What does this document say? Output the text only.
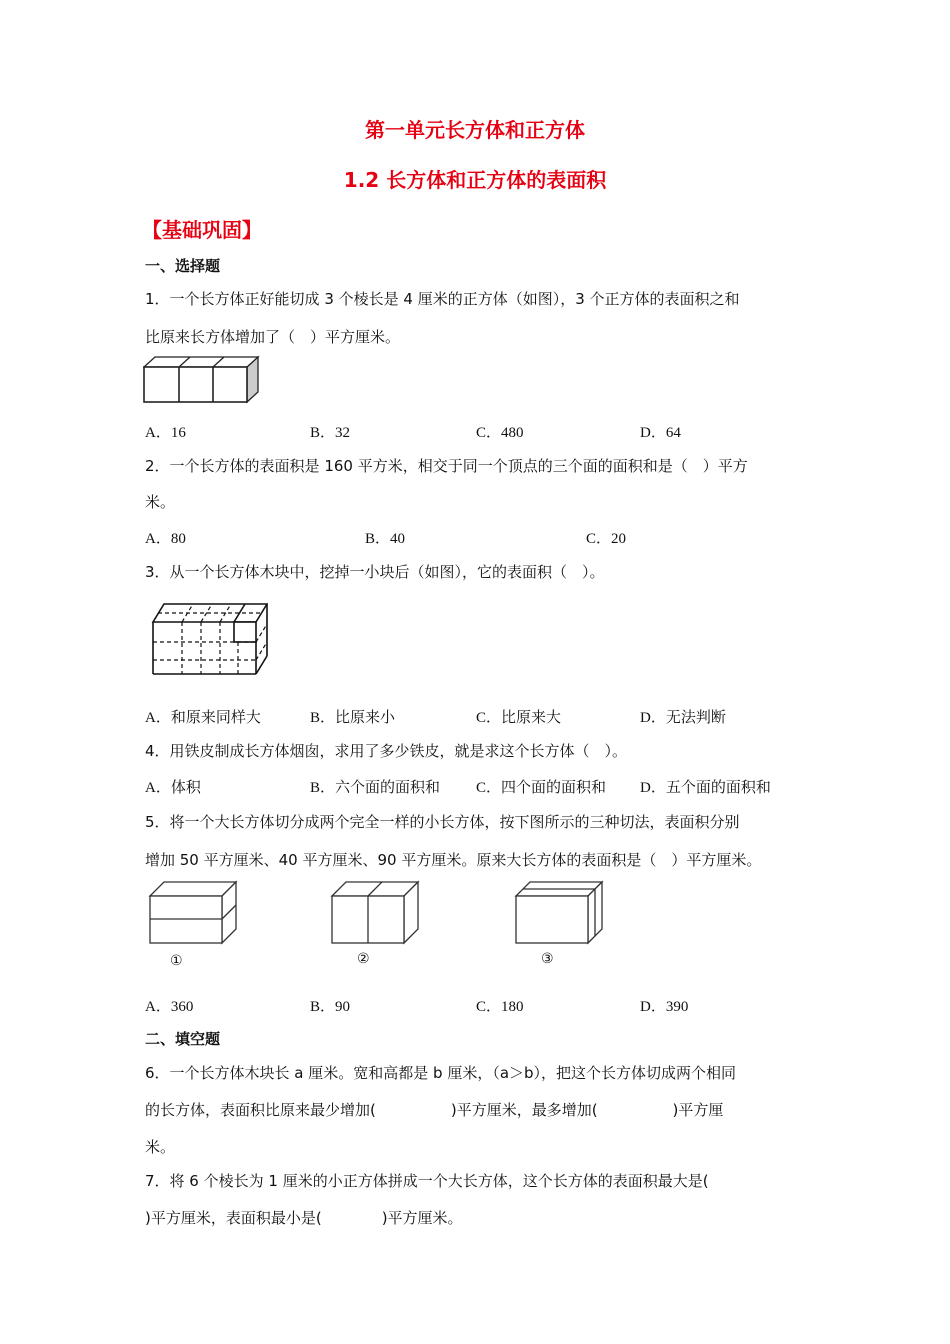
第一单元长方体和正方体
1.2 长方体和正方体的表面积
【基础巩固】
一、选择题
1．一个长方体正好能切成 3 个棱长是 4 厘米的正方体（如图），3 个正方体的表面积之和
比原来长方体增加了（　）平方厘米。
A．16	B．32	C．480	D．64
2．一个长方体的表面积是 160 平方米，相交于同一个顶点的三个面的面积和是（　）平方
米。
A．80	B．40	C．20
3．从一个长方体木块中，挖掉一小块后（如图），它的表面积（　）。
A．和原来同样大	B．比原来小	C．比原来大	D．无法判断
4．用铁皮制成长方体烟囱，求用了多少铁皮，就是求这个长方体（　）。
A．体积	B．六个面的面积和 C．四个面的面积和 D．五个面的面积和
5．将一个大长方体切分成两个完全一样的小长方体，按下图所示的三种切法，表面积分别
增加 50 平方厘米、40 平方厘米、90 平方厘米。原来大长方体的表面积是（　）平方厘米。
①	②	③
A．360	B．90	C．180	D．390
二、填空题
6．一个长方体木块长 a 厘米。宽和高都是 b 厘米，（a＞b），把这个长方体切成两个相同
的长方体，表面积比原来最少增加(　　　　　)平方厘米，最多增加(　　　　　)平方厘
米。
7．将 6 个棱长为 1 厘米的小正方体拼成一个大长方体，这个长方体的表面积最大是(
)平方厘米，表面积最小是(　　　　)平方厘米。
